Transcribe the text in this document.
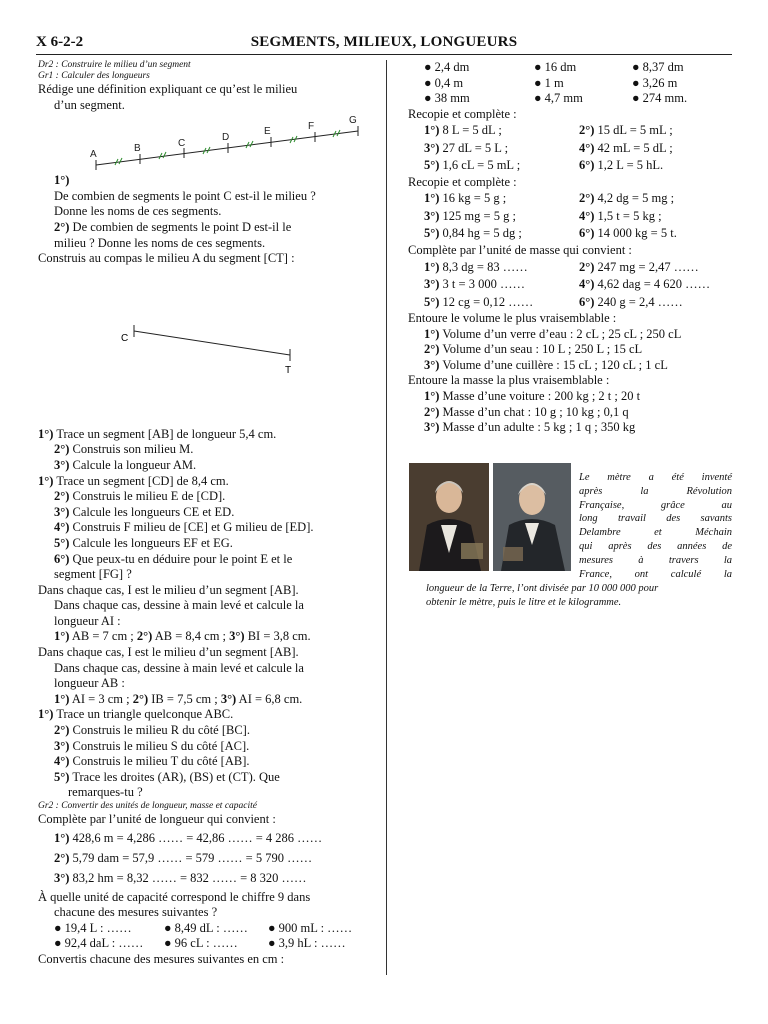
X 6-2-2	SEGMENTS, MILIEUX, LONGUEURS
Dr2 : Construire le milieu d’un segment
Gr1 : Calculer des longueurs
Rédige une définition expliquant ce qu’est le milieu
d’un segment.
A
B	C
D
E	F
G
1°)
De combien de segments le point C est-il le milieu ?
Donne les noms de ces segments.
2°) De combien de segments le point D est-il le
milieu ? Donne les noms de ces segments.
Construis au compas le milieu A du segment [CT] :
C
T
1°) Trace un segment [AB] de longueur 5,4 cm.
2°) Construis son milieu M.
3°) Calcule la longueur AM.
1°) Trace un segment [CD] de 8,4 cm.
2°) Construis le milieu E de [CD].
3°) Calcule les longueurs CE et ED.
4°) Construis F milieu de [CE] et G milieu de [ED].
5°) Calcule les longueurs EF et EG.
6°) Que peux-tu en déduire pour le point E et le
segment [FG] ?
Dans chaque cas, I est le milieu d’un segment [AB].
Dans chaque cas, dessine à main levé et calcule la
longueur AI :
1°) AB = 7 cm ; 2°) AB = 8,4 cm ; 3°) BI = 3,8 cm.
Dans chaque cas, I est le milieu d’un segment [AB].
Dans chaque cas, dessine à main levé et calcule la
longueur AB :
1°) AI = 3 cm ; 2°) IB = 7,5 cm ; 3°) AI = 6,8 cm.
1°) Trace un triangle quelconque ABC.
2°) Construis le milieu R du côté [BC].
3°) Construis le milieu S du côté [AC].
4°) Construis le milieu T du côté [AB].
5°) Trace les droites (AR), (BS) et (CT). Que
remarques-tu ?
Gr2 : Convertir des unités de longueur, masse et capacité
Complète par l’unité de longueur qui convient :
1°) 428,6 m = 4,286 …… = 42,86 …… = 4 286 ……
2°) 5,79 dam = 57,9 …… = 579 …… = 5 790 ……
3°) 83,2 hm = 8,32 …… = 832 …… = 8 320 ……
À quelle unité de capacité correspond le chiffre 9 dans
chacune des mesures suivantes ?
● 19,4 L : ……	● 8,49 dL : …… ● 900 mL : ……
● 92,4 daL : …… ● 96 cL : …… ● 3,9 hL : ……
Convertis chacune des mesures suivantes en cm :
● 2,4 dm	● 16 dm	● 8,37 dm
● 0,4 m	● 1 m	● 3,26 m
● 38 mm	● 4,7 mm	● 274 mm.
Recopie et complète :
1°) 8 L = 5 dL ;	2°) 15 dL = 5 mL ;
3°) 27 dL = 5 L ;	4°) 42 mL = 5 dL ;
5°) 1,6 cL = 5 mL ;	6°) 1,2 L = 5 hL.
Recopie et complète :
1°) 16 kg = 5 g ;	2°) 4,2 dg = 5 mg ;
3°) 125 mg = 5 g ;	4°) 1,5 t = 5 kg ;
5°) 0,84 hg = 5 dg ;	6°) 14 000 kg = 5 t.
Complète par l’unité de masse qui convient :
1°) 8,3 dg = 83 ……	2°) 247 mg = 2,47 ……
3°) 3 t = 3 000 ……	4°) 4,62 dag = 4 620 ……
5°) 12 cg = 0,12 ……	6°) 240 g = 2,4 ……
Entoure le volume le plus vraisemblable :
1°) Volume d’un verre d’eau : 2 cL ; 25 cL ; 250 cL
2°) Volume d’un seau : 10 L ; 250 L ; 15 cL
3°) Volume d’une cuillère : 15 cL ; 120 cL ; 1 cL
Entoure la masse la plus vraisemblable :
1°) Masse d’une voiture : 200 kg ; 2 t ; 20 t
2°) Masse d’un chat : 10 g ; 10 kg ; 0,1 q
3°) Masse d’un adulte : 5 kg ; 1 q ; 350 kg
Le mètre a été inventé
après la Révolution
Française, grâce au
long travail des savants
Delambre et Méchain
qui après des années de
mesures à travers la
France, ont calculé la
longueur de la Terre, l’ont divisée par 10 000 000 pour
obtenir le mètre, puis le litre et le kilogramme.
